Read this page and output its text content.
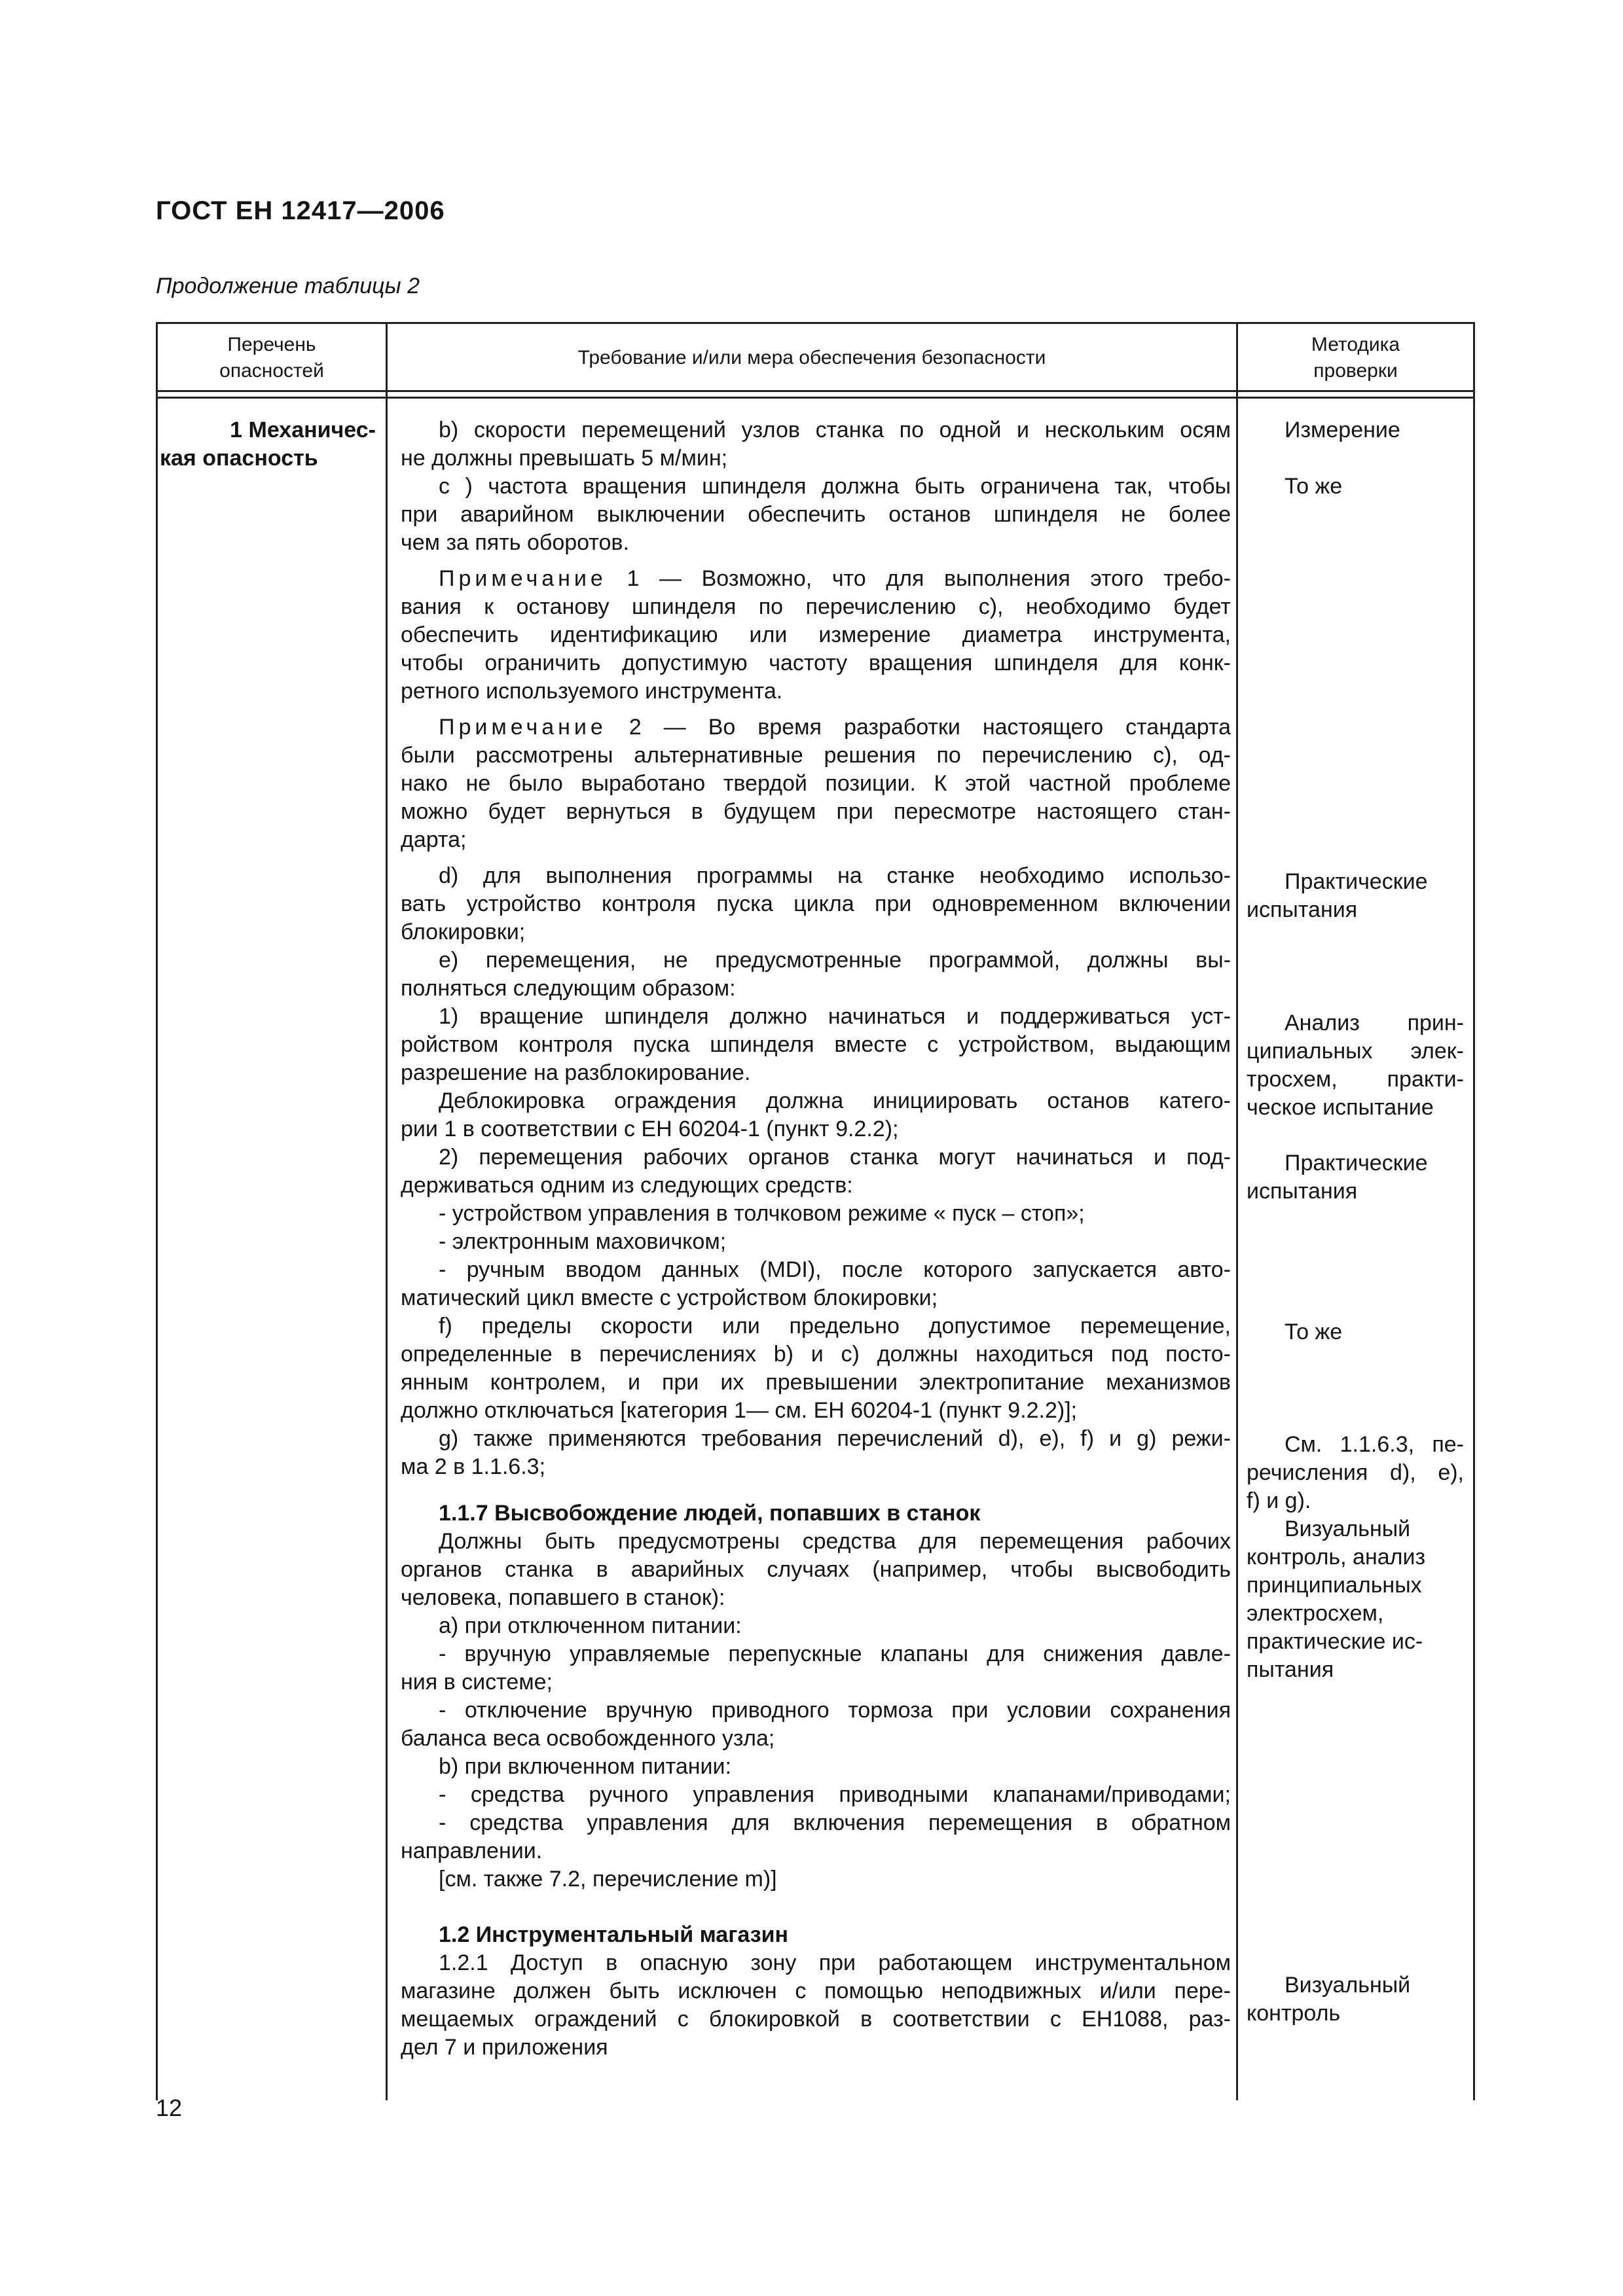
ГОСТ ЕН 12417—2006
Продолжение таблицы 2
Перечень
опасностей
Требование и/или мера обеспечения безопасности
Методика
проверки

1 Механичес-

кая опасность

b) скорости перемещений узлов станка по одной и нескольким осям

не должны превышать 5 м/мин;

c ) частота вращения шпинделя должна быть ограничена так, чтобы

при аварийном выключении обеспечить останов шпинделя не более

чем за пять оборотов.

Примечание 1 — Возможно, что для выполнения этого требо-

вания к останову шпинделя по перечислению с), необходимо будет

обеспечить идентификацию или измерение диаметра инструмента,

чтобы ограничить допустимую частоту вращения шпинделя для конк-

ретного используемого инструмента.

Примечание 2 — Во время разработки настоящего стандарта

были рассмотрены альтернативные решения по перечислению с), од-

нако не было выработано твердой позиции. К этой частной проблеме

можно будет вернуться в будущем при пересмотре настоящего стан-

дарта;

d) для выполнения программы на станке необходимо использо-

вать устройство контроля пуска цикла при одновременном включении

блокировки;

e) перемещения, не предусмотренные программой, должны вы-

полняться следующим образом:

1) вращение шпинделя должно начинаться и поддерживаться уст-

ройством контроля пуска шпинделя вместе с устройством, выдающим

разрешение на разблокирование.

Деблокировка ограждения должна инициировать останов катего-

рии 1 в соответствии с ЕН 60204-1 (пункт 9.2.2);

2) перемещения рабочих органов станка могут начинаться и под-

держиваться одним из следующих средств:

- устройством управления в толчковом режиме « пуск – стоп»;

- электронным маховичком;

- ручным вводом данных (MDI), после которого запускается авто-

матический цикл вместе с устройством блокировки;

f) пределы скорости или предельно допустимое перемещение,

определенные в перечислениях b) и c) должны находиться под посто-

янным контролем, и при их превышении электропитание механизмов

должно отключаться [категория 1— см. ЕН 60204-1 (пункт 9.2.2)];

g) также применяются требования перечислений d), e), f) и g) режи-

ма 2 в 1.1.6.3;

1.1.7 Высвобождение людей, попавших в станок

Должны быть предусмотрены средства для перемещения рабочих

органов станка в аварийных случаях (например, чтобы высвободить

человека, попавшего в станок):

a) при отключенном питании:

- вручную управляемые перепускные клапаны для снижения давле-

ния в системе;

- отключение вручную приводного тормоза при условии сохранения

баланса веса освобожденного узла;

b) при включенном питании:

- средства ручного управления приводными клапанами/приводами;

- средства управления для включения перемещения в обратном

направлении.

[см. также 7.2, перечисление m)]

1.2 Инструментальный магазин

1.2.1 Доступ в опасную зону при работающем инструментальном

магазине должен быть исключен с помощью неподвижных и/или пере-

мещаемых ограждений с блокировкой в соответствии с ЕН1088, раз-

дел 7 и приложения

Измерение

То же

Практические

испытания

Анализ прин-

ципиальных элек-

тросхем, практи-

ческое испытание

Практические

испытания

То же

См. 1.1.6.3, пе-

речисления d), e),

f) и g).

Визуальный

контроль, анализ

принципиальных

электросхем,

практические ис-

пытания

Визуальный

контроль

12
